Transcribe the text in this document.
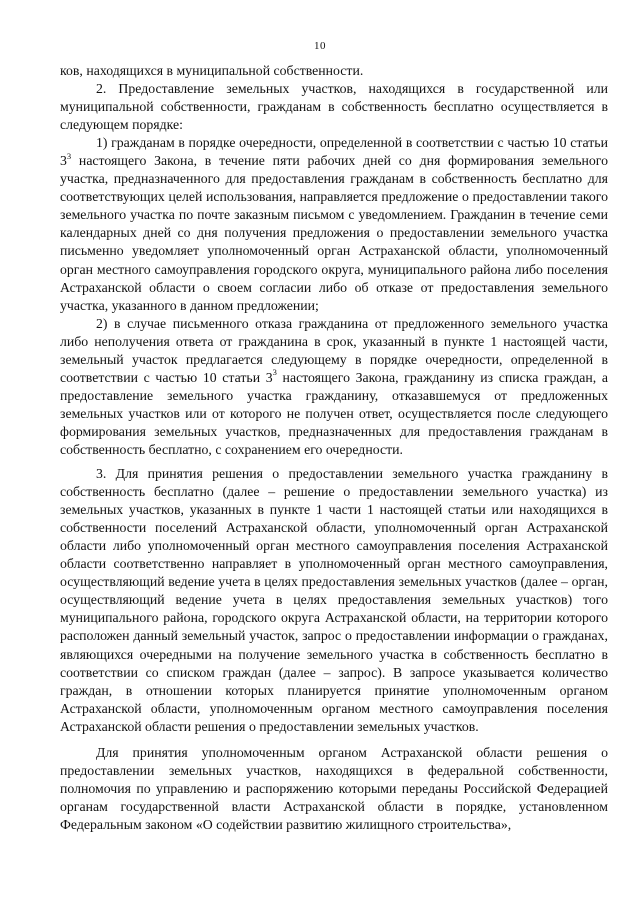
10

ков, находящихся в муниципальной собственности.

2. Предоставление земельных участков, находящихся в государственной или муниципальной собственности, гражданам в собственность бесплатно осуществляется в следующем порядке:

1) гражданам в порядке очередности, определенной в соответствии с частью 10 статьи $3^3$ настоящего Закона, в течение пяти рабочих дней со дня формирования земельного участка, предназначенного для предоставления гражданам в собственность бесплатно для соответствующих целей использования, направляется предложение о предоставлении такого земельного участка по почте заказным письмом с уведомлением. Гражданин в течение семи календарных дней со дня получения предложения о предоставлении земельного участка письменно уведомляет уполномоченный орган Астраханской области, уполномоченный орган местного самоуправления городского округа, муниципального района либо поселения Астраханской области о своем согласии либо об отказе от предоставления земельного участка, указанного в данном предложении;

2) в случае письменного отказа гражданина от предложенного земельного участка либо неполучения ответа от гражданина в срок, указанный в пункте 1 настоящей части, земельный участок предлагается следующему в порядке очередности, определенной в соответствии с частью 10 статьи $3^3$ настоящего Закона, гражданину из списка граждан, а предоставление земельного участка гражданину, отказавшемуся от предложенных земельных участков или от которого не получен ответ, осуществляется после следующего формирования земельных участков, предназначенных для предоставления гражданам в собственность бесплатно, с сохранением его очередности.

3. Для принятия решения о предоставлении земельного участка гражданину в собственность бесплатно (далее – решение о предоставлении земельного участка) из земельных участков, указанных в пункте 1 части 1 настоящей статьи или находящихся в собственности поселений Астраханской области, уполномоченный орган Астраханской области либо уполномоченный орган местного самоуправления поселения Астраханской области соответственно направляет в уполномоченный орган местного самоуправления, осуществляющий ведение учета в целях предоставления земельных участков (далее – орган, осуществляющий ведение учета в целях предоставления земельных участков) того муниципального района, городского округа Астраханской области, на территории которого расположен данный земельный участок, запрос о предоставлении информации о гражданах, являющихся очередными на получение земельного участка в собственность бесплатно в соответствии со списком граждан (далее – запрос). В запросе указывается количество граждан, в отношении которых планируется принятие уполномоченным органом Астраханской области, уполномоченным органом местного самоуправления поселения Астраханской области решения о предоставлении земельных участков.

Для принятия уполномоченным органом Астраханской области решения о предоставлении земельных участков, находящихся в федеральной собственности, полномочия по управлению и распоряжению которыми переданы Российской Федерацией органам государственной власти Астраханской области в порядке, установленном Федеральным законом «О содействии развитию жилищного строительства»,
